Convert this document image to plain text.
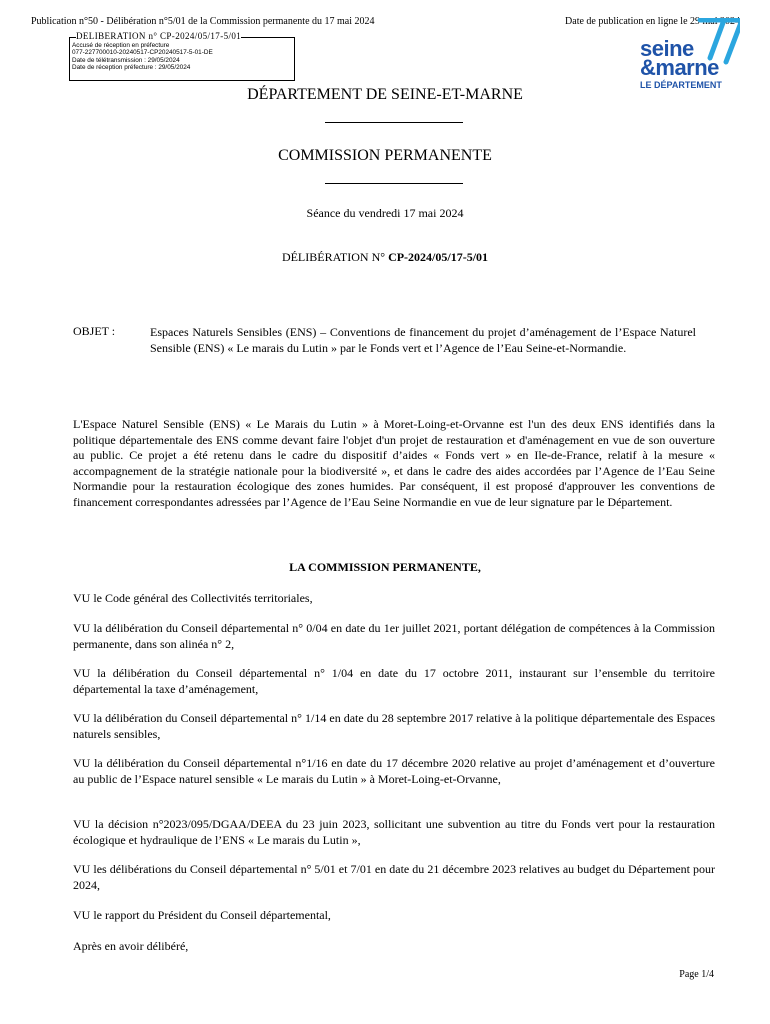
Publication n°50 - Délibération n°5/01 de la Commission permanente du 17 mai 2024	Date de publication en ligne le 29 mai 2024
DELIBERATION n° CP-2024/05/17-5/01
Accusé de réception en préfecture
077-227700010-20240517-CP20240517-5-01-DE
Date de télétransmission : 29/05/2024
Date de réception préfecture : 29/05/2024
seine
&marne
LE DÉPARTEMENT
DÉPARTEMENT DE SEINE-ET-MARNE
COMMISSION PERMANENTE
Séance du vendredi 17 mai 2024
DÉLIBÉRATION N° CP-2024/05/17-5/01
OBJET :	Espaces Naturels Sensibles (ENS) – Conventions de financement du projet d’aménagement de l’Espace Naturel Sensible (ENS) « Le marais du Lutin » par le Fonds vert et l’Agence de l’Eau Seine-et-Normandie.
L'Espace Naturel Sensible (ENS) « Le Marais du Lutin » à Moret-Loing-et-Orvanne est l'un des deux ENS identifiés dans la politique départementale des ENS comme devant faire l'objet d'un projet de restauration et d'aménagement en vue de son ouverture au public. Ce projet a été retenu dans le cadre du dispositif d’aides « Fonds vert » en Ile-de-France, relatif à la mesure « accompagnement de la stratégie nationale pour la biodiversité », et dans le cadre des aides accordées par l’Agence de l’Eau Seine Normandie pour la restauration écologique des zones humides. Par conséquent, il est proposé d'approuver les conventions de financement correspondantes adressées par l’Agence de l’Eau Seine Normandie en vue de leur signature par le Département.
LA COMMISSION PERMANENTE,
VU le Code général des Collectivités territoriales,
VU la délibération du Conseil départemental n° 0/04 en date du 1er juillet 2021, portant délégation de compétences à la Commission permanente, dans son alinéa n° 2,
VU la délibération du Conseil départemental n° 1/04 en date du 17 octobre 2011, instaurant sur l’ensemble du territoire départemental la taxe d’aménagement,
VU la délibération du Conseil départemental n° 1/14 en date du 28 septembre 2017 relative à la politique départementale des Espaces naturels sensibles,
VU la délibération du Conseil départemental n°1/16 en date du 17 décembre 2020 relative au projet d’aménagement et d’ouverture au public de l’Espace naturel sensible « Le marais du Lutin » à Moret-Loing-et-Orvanne,
VU la décision n°2023/095/DGAA/DEEA du 23 juin 2023, sollicitant une subvention au titre du Fonds vert pour la restauration écologique et hydraulique de l’ENS « Le marais du Lutin »,
VU les délibérations du Conseil départemental n° 5/01 et 7/01 en date du 21 décembre 2023 relatives au budget du Département pour 2024,
VU le rapport du Président du Conseil départemental,
Après en avoir délibéré,
Page 1/4
